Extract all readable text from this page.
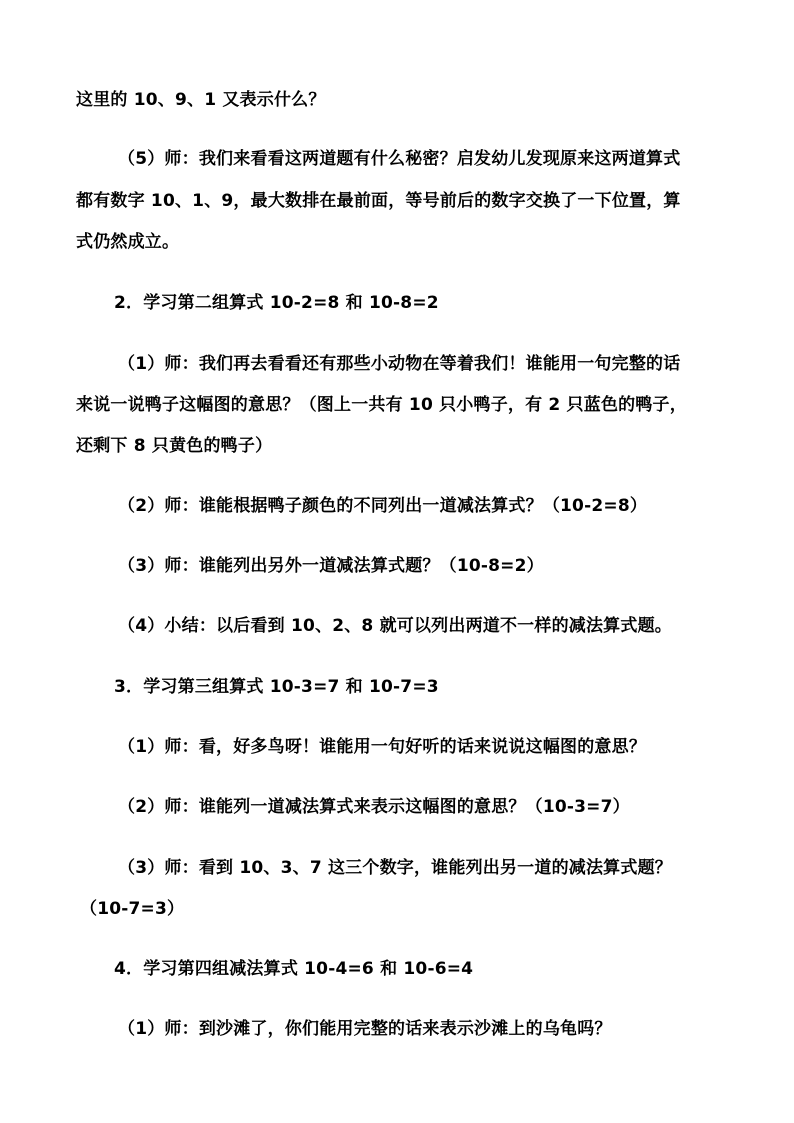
这里的 10、9、1 又表示什么？
（5）师：我们来看看这两道题有什么秘密？启发幼儿发现原来这两道算式
都有数字 10、1、9，最大数排在最前面，等号前后的数字交换了一下位置，算
式仍然成立。
2．学习第二组算式 10-2=8 和 10-8=2
（1）师：我们再去看看还有那些小动物在等着我们！谁能用一句完整的话
来说一说鸭子这幅图的意思？（图上一共有 10 只小鸭子，有 2 只蓝色的鸭子，
还剩下 8 只黄色的鸭子）
（2）师：谁能根据鸭子颜色的不同列出一道减法算式？（10-2=8）
（3）师：谁能列出另外一道减法算式题？（10-8=2）
（4）小结：以后看到 10、2、8 就可以列出两道不一样的减法算式题。
3．学习第三组算式 10-3=7 和 10-7=3
（1）师：看，好多鸟呀！谁能用一句好听的话来说说这幅图的意思？
（2）师：谁能列一道减法算式来表示这幅图的意思？（10-3=7）
（3）师：看到 10、3、7 这三个数字，谁能列出另一道的减法算式题？
（10-7=3）
4．学习第四组减法算式 10-4=6 和 10-6=4
（1）师：到沙滩了，你们能用完整的话来表示沙滩上的乌龟吗？
